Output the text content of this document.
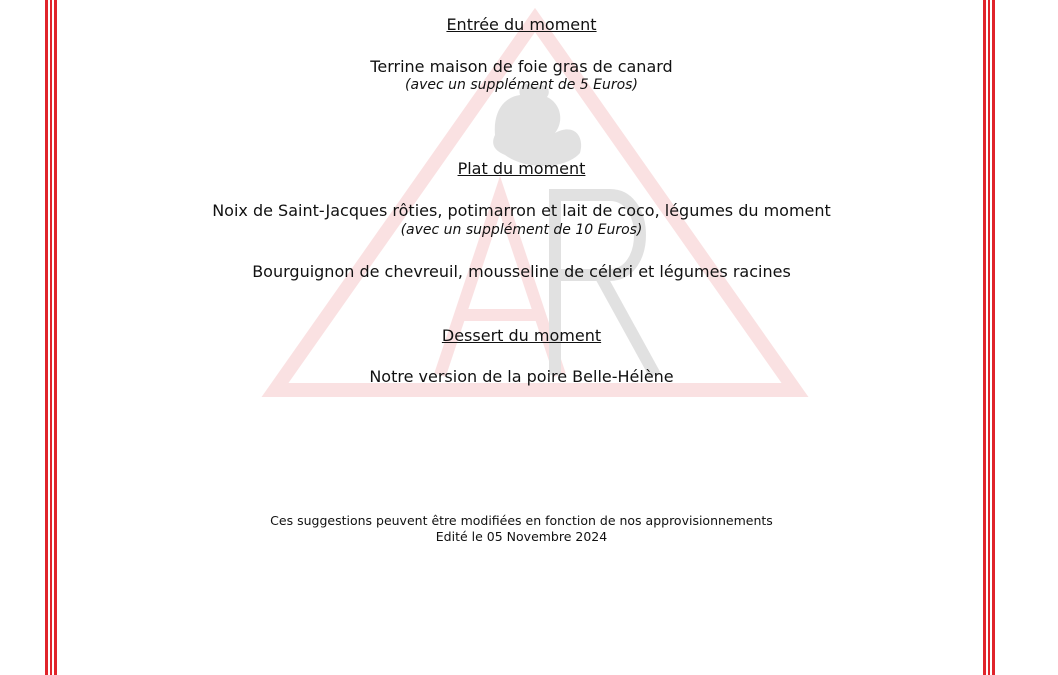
Entrée du moment
Terrine maison de foie gras de canard
(avec un supplément de 5 Euros)
Plat du moment
Noix de Saint-Jacques rôties, potimarron et lait de coco, légumes du moment
(avec un supplément de 10 Euros)
Bourguignon de chevreuil, mousseline de céleri et légumes racines
Dessert du moment
Notre version de la poire Belle-Hélène
Ces suggestions peuvent être modifiées en fonction de nos approvisionnements
Edité le 05 Novembre 2024
